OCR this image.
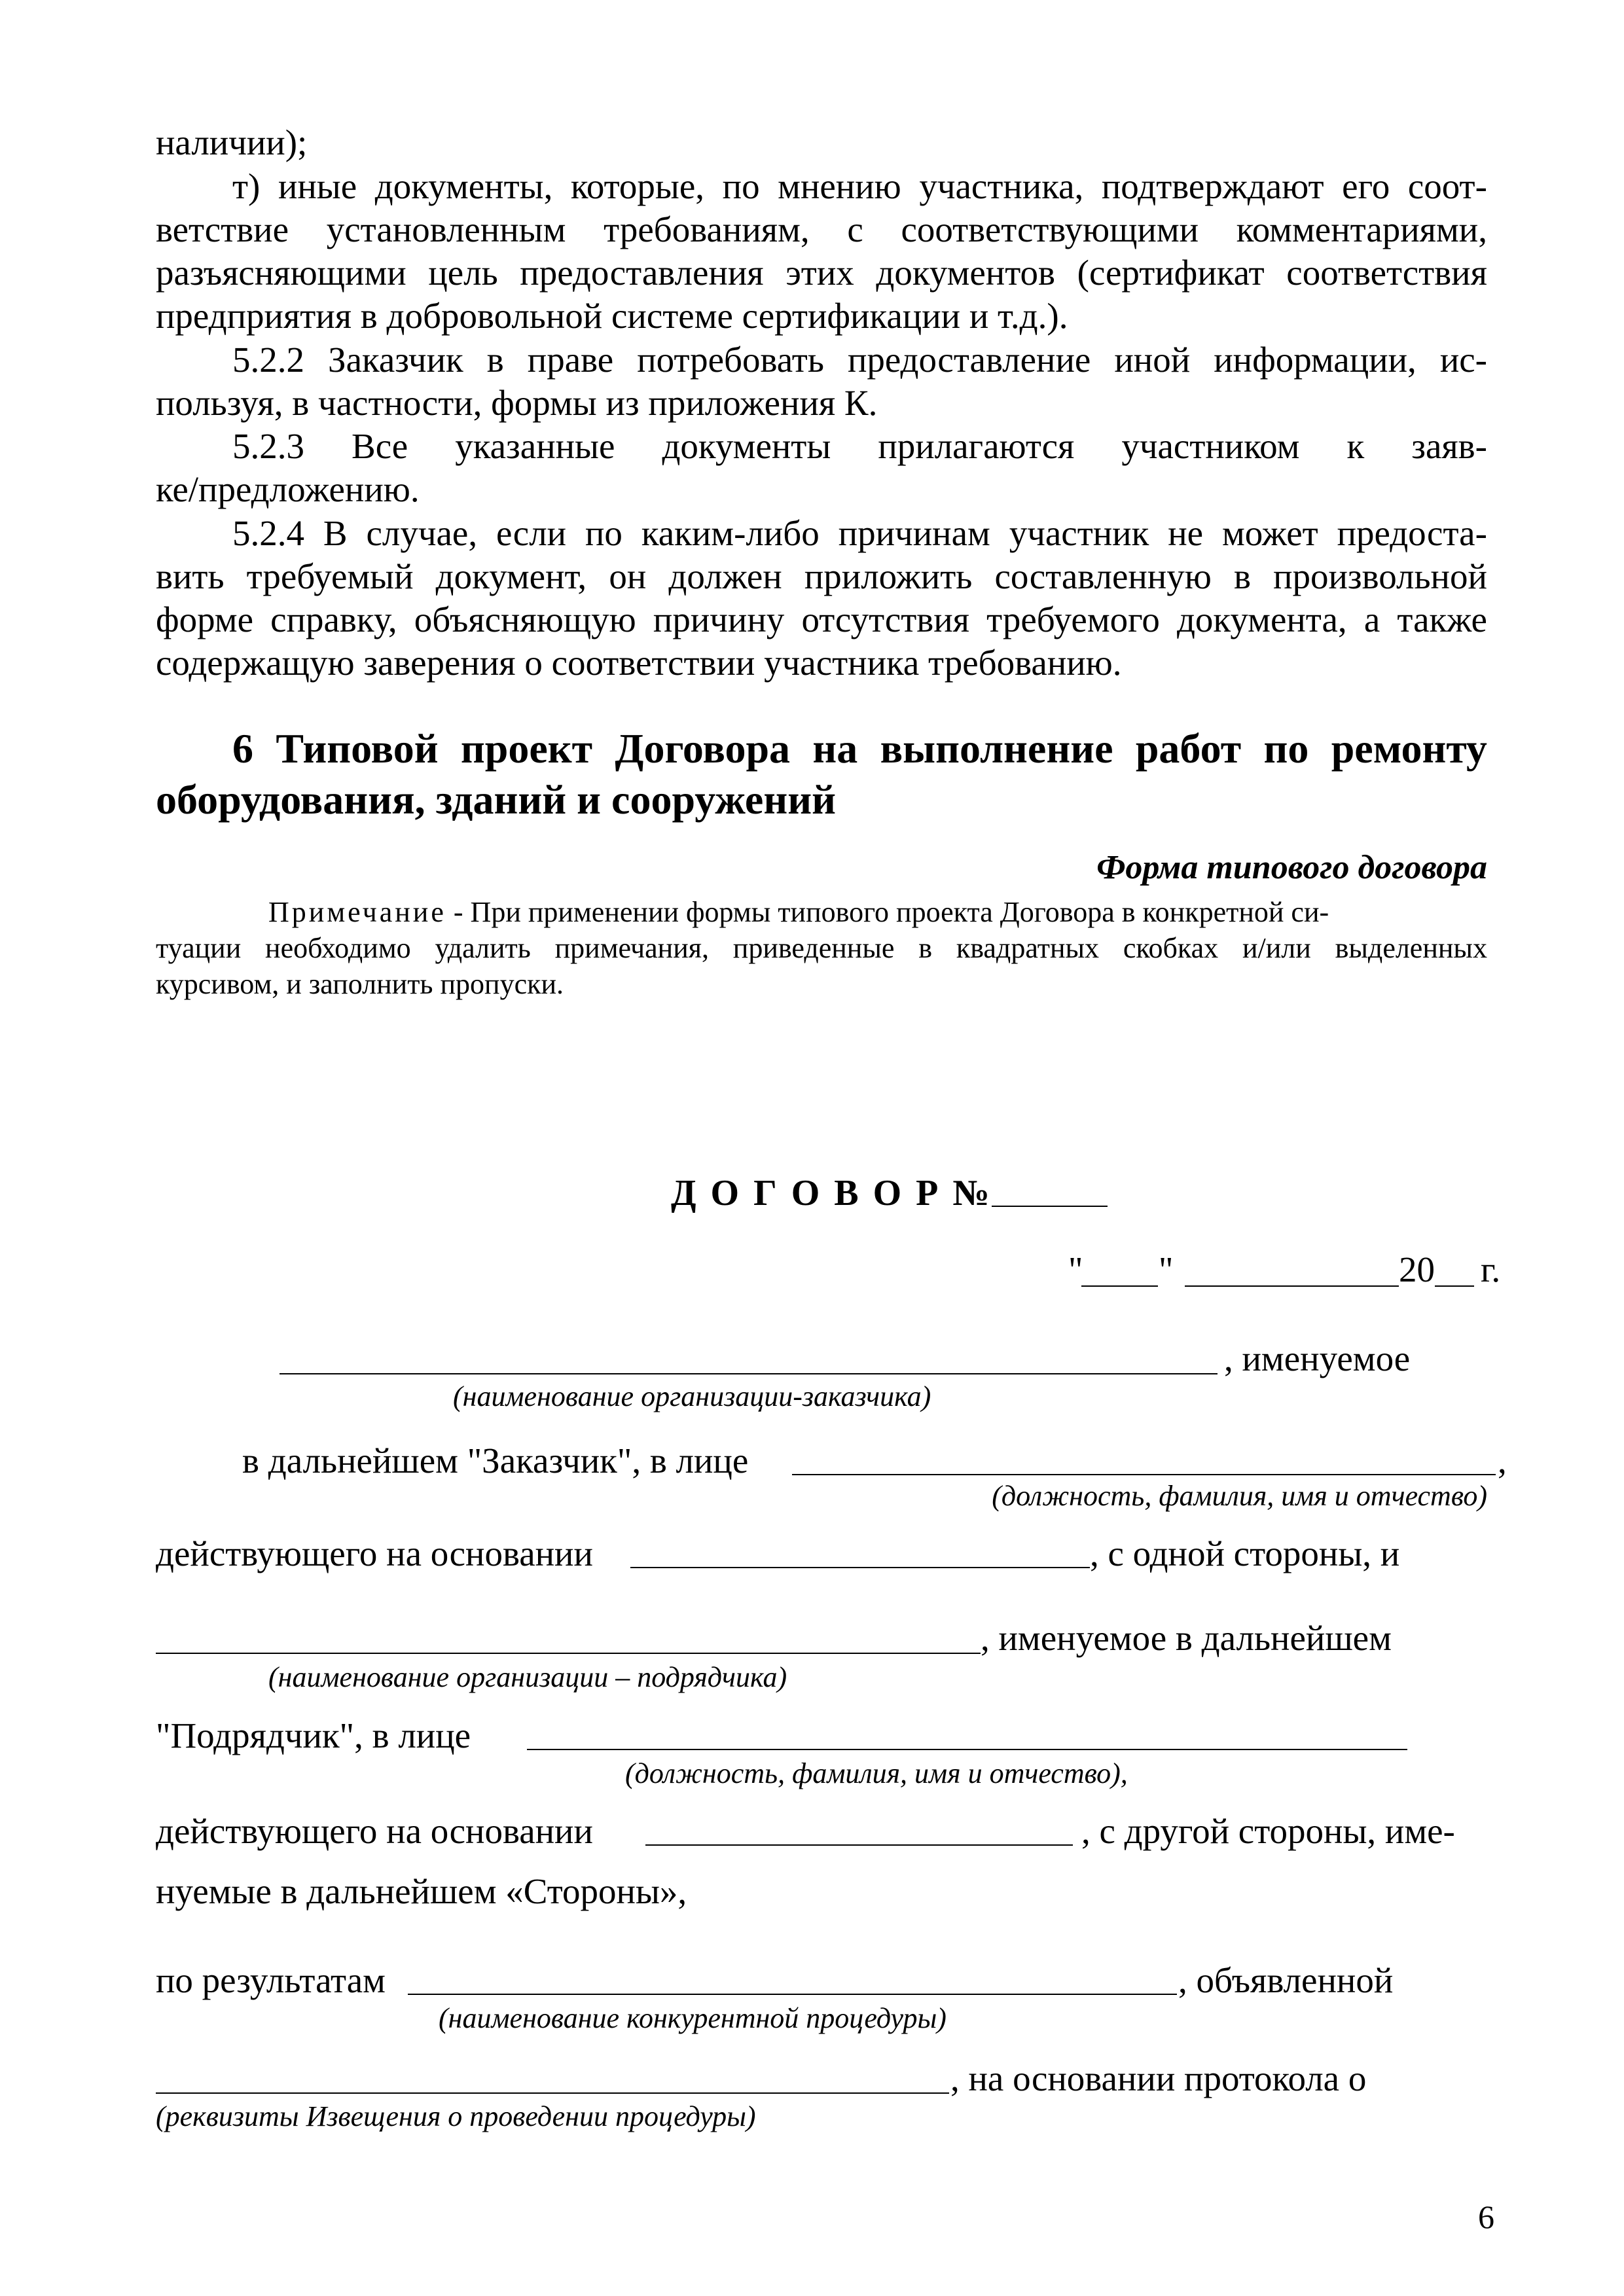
наличии);
т) иные документы, которые, по мнению участника, подтверждают его соот-
ветствие установленным требованиям, с соответствующими комментариями,
разъясняющими цель предоставления этих документов (сертификат соответствия
предприятия в добровольной системе сертификации и т.д.).
5.2.2 Заказчик в праве потребовать предоставление иной информации, ис-
пользуя, в частности, формы из приложения К.
5.2.3 Все указанные документы прилагаются участником к заяв-
ке/предложению.
5.2.4 В случае, если по каким-либо причинам участник не может предоста-
вить требуемый документ, он должен приложить составленную в произвольной
форме справку, объясняющую причину отсутствия требуемого документа, а также
содержащую заверения о соответствии участника требованию.
6 Типовой проект Договора на выполнение работ по ремонту
оборудования, зданий и сооружений
Форма типового договора
Примечание - При применении формы типового проекта Договора в конкретной си-
туации необходимо удалить примечания, приведенные в квадратных скобках и/или выделенных
курсивом, и заполнить пропуски.
Д О Г О В О Р №
" "	20 г.
, именуемое
(наименование организации-заказчика)
в дальнейшем "Заказчик", в лице	,
(должность, фамилия, имя и отчество)
действующего на основании	, с одной стороны, и
, именуемое в дальнейшем
(наименование организации – подрядчика)
"Подрядчик", в лице
(должность, фамилия, имя и отчество),
действующего на основании	, с другой стороны, име-
нуемые в дальнейшем «Стороны»,
по результатам	, объявленной
(наименование конкурентной процедуры)
, на основании протокола о
(реквизиты Извещения о проведении процедуры)
6
